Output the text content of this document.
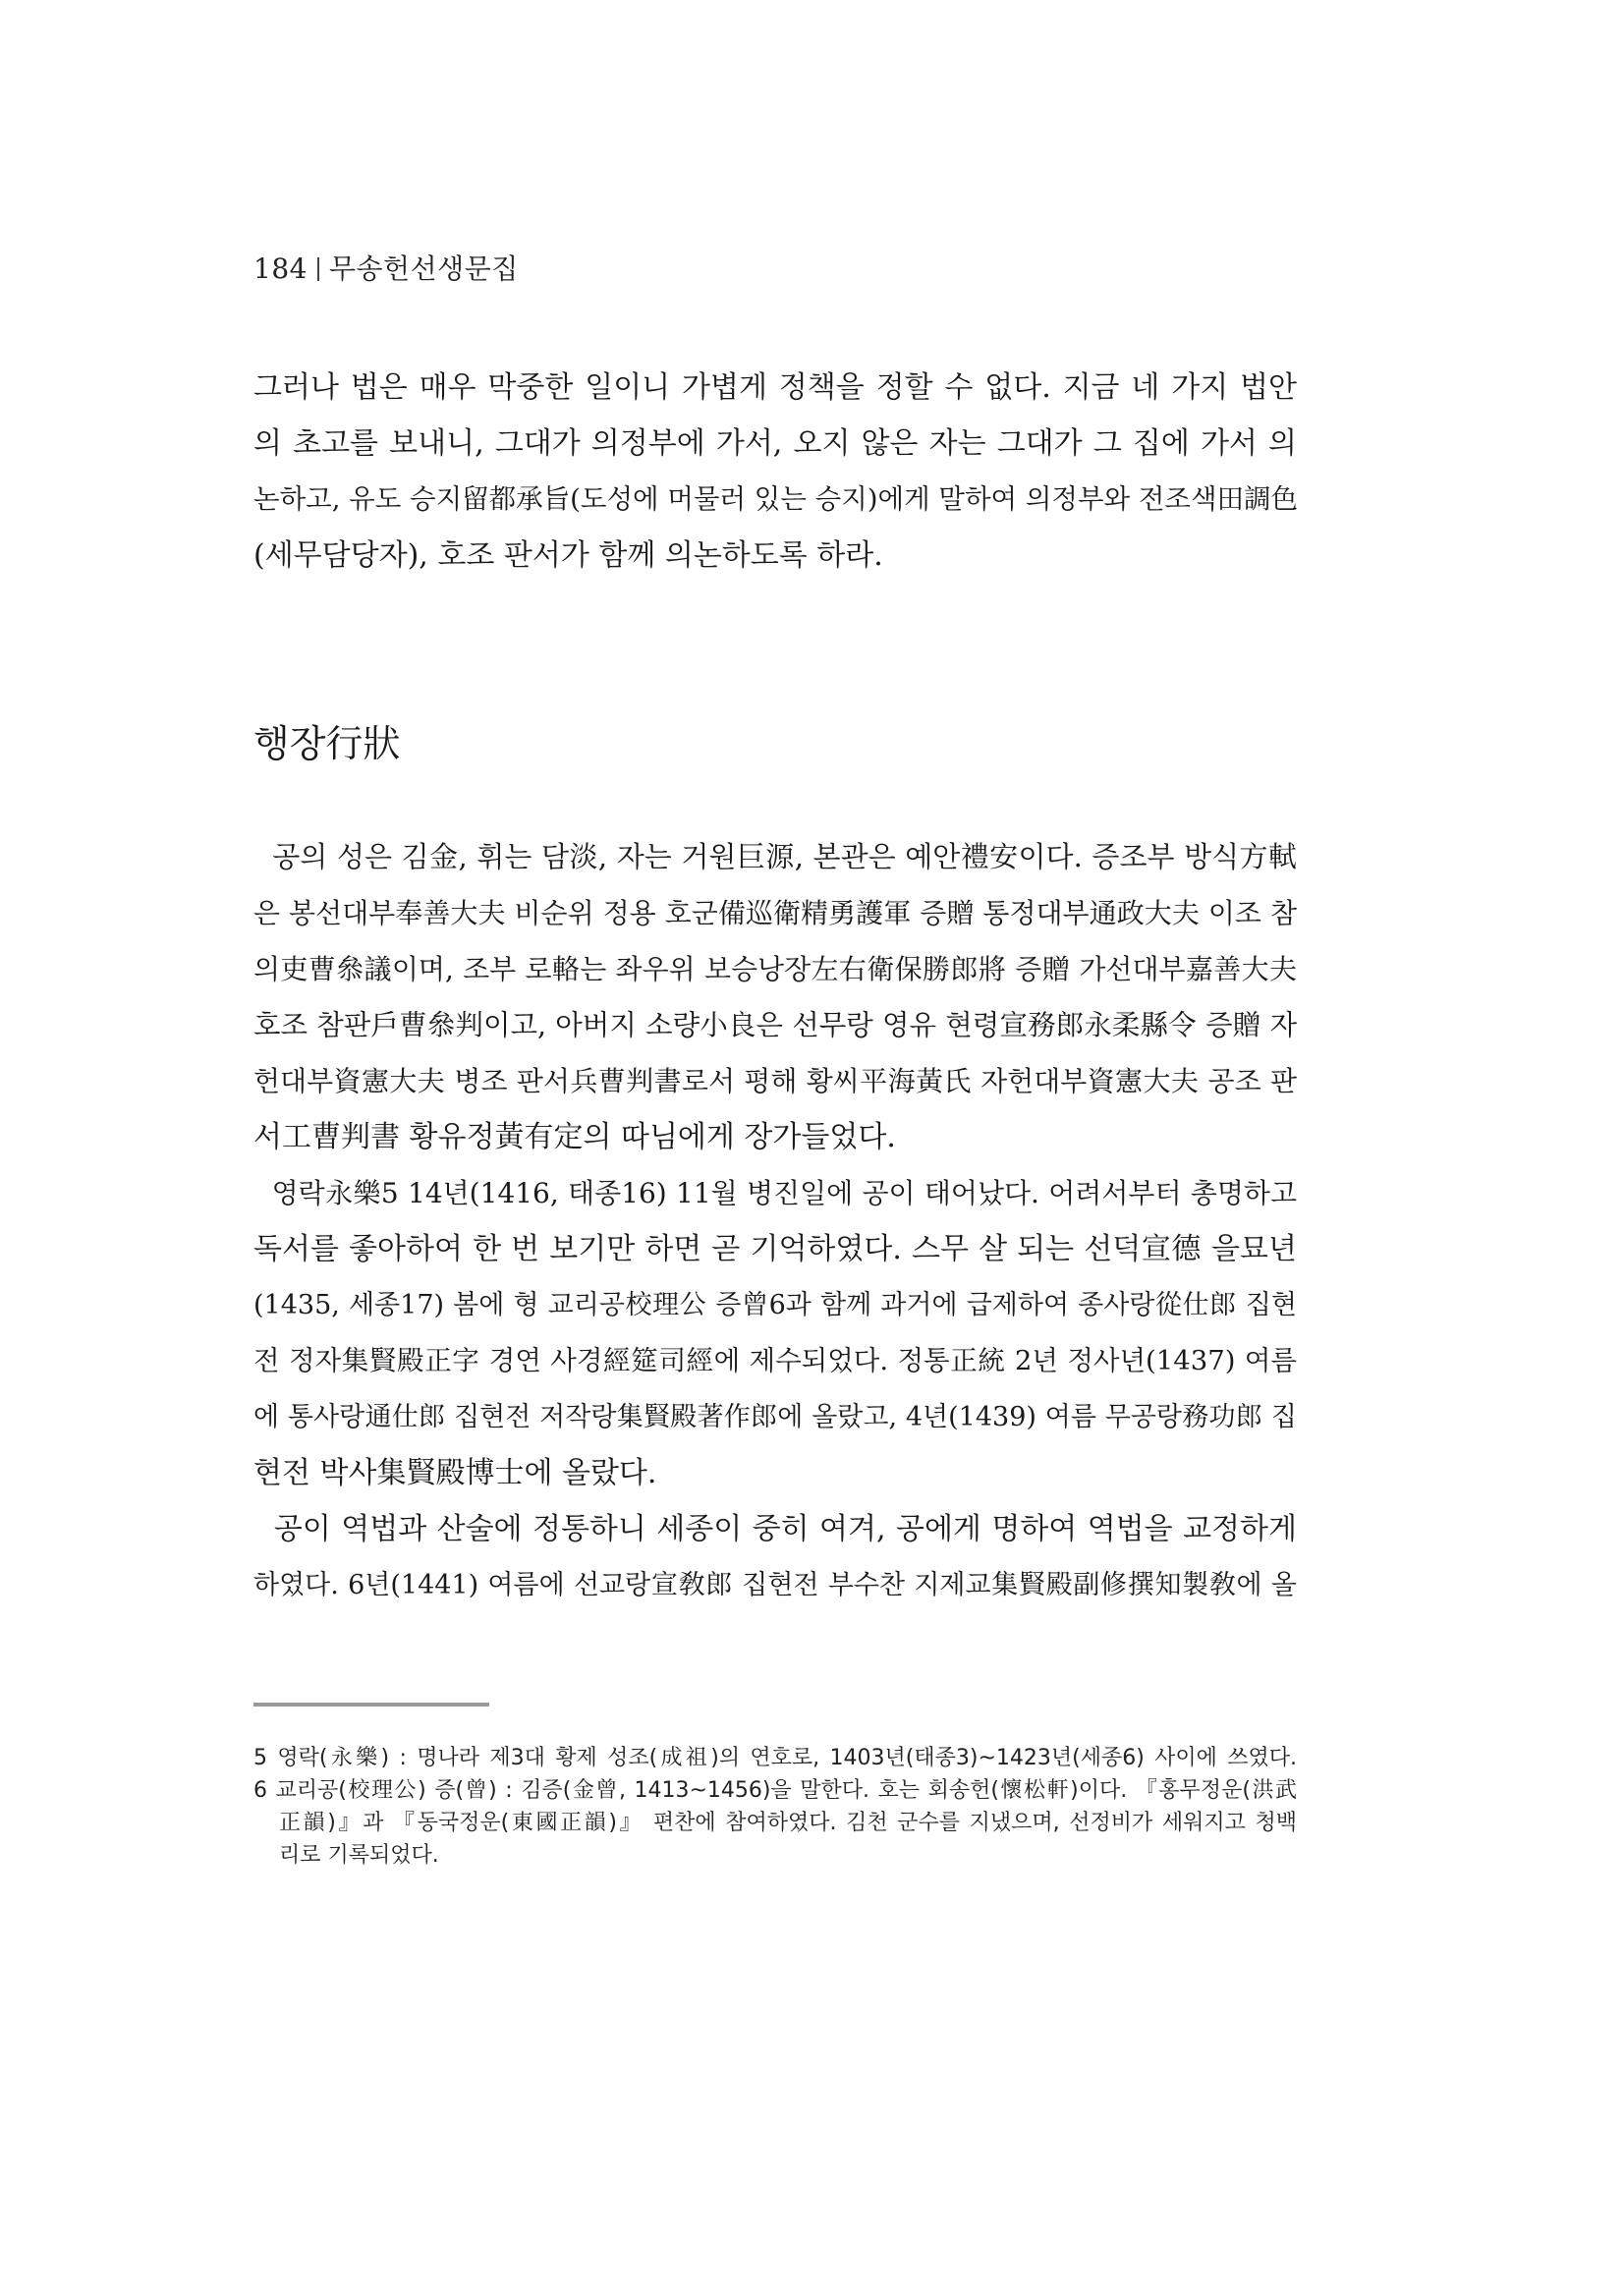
184 무송헌선생문집
그러나 법은 매우 막중한 일이니 가볍게 정책을 정할 수 없다. 지금 네 가지 법안
의 초고를 보내니, 그대가 의정부에 가서, 오지 않은 자는 그대가 그 집에 가서 의
논하고, 유도 승지留都承旨(도성에 머물러 있는 승지)에게 말하여 의정부와 전조색田調色
(세무담당자), 호조 판서가 함께 의논하도록 하라.
행장行狀
공의 성은 김金, 휘는 담淡, 자는 거원巨源, 본관은 예안禮安이다. 증조부 방식方軾
은 봉선대부奉善大夫 비순위 정용 호군備巡衛精勇護軍 증贈 통정대부通政大夫 이조 참
의吏曹叅議이며, 조부 로輅는 좌우위 보승낭장左右衛保勝郎將 증贈 가선대부嘉善大夫
호조 참판戶曹叅判이고, 아버지 소량小良은 선무랑 영유 현령宣務郎永柔縣令 증贈 자
헌대부資憲大夫 병조 판서兵曹判書로서 평해 황씨平海黃氏 자헌대부資憲大夫 공조 판
서工曹判書 황유정黃有定의 따님에게 장가들었다.
영락永樂5 14년(1416, 태종16) 11월 병진일에 공이 태어났다. 어려서부터 총명하고
독서를 좋아하여 한 번 보기만 하면 곧 기억하였다. 스무 살 되는 선덕宣德 을묘년
(1435, 세종17) 봄에 형 교리공校理公 증曾6과 함께 과거에 급제하여 종사랑從仕郎 집현
전 정자集賢殿正字 경연 사경經筵司經에 제수되었다. 정통正統 2년 정사년(1437) 여름
에 통사랑通仕郎 집현전 저작랑集賢殿著作郎에 올랐고, 4년(1439) 여름 무공랑務功郎 집
현전 박사集賢殿博士에 올랐다.
공이 역법과 산술에 정통하니 세종이 중히 여겨, 공에게 명하여 역법을 교정하게
하였다. 6년(1441) 여름에 선교랑宣敎郎 집현전 부수찬 지제교集賢殿副修撰知製敎에 올
5 영락(永樂) : 명나라 제3대 황제 성조(成祖)의 연호로, 1403년(태종3)~1423년(세종6) 사이에 쓰였다.
6 교리공(校理公) 증(曾) : 김증(金曾, 1413~1456)을 말한다. 호는 회송헌(懷松軒)이다. 『홍무정운(洪武
正韻)』과 『동국정운(東國正韻)』 편찬에 참여하였다. 김천 군수를 지냈으며, 선정비가 세워지고 청백
리로 기록되었다.
